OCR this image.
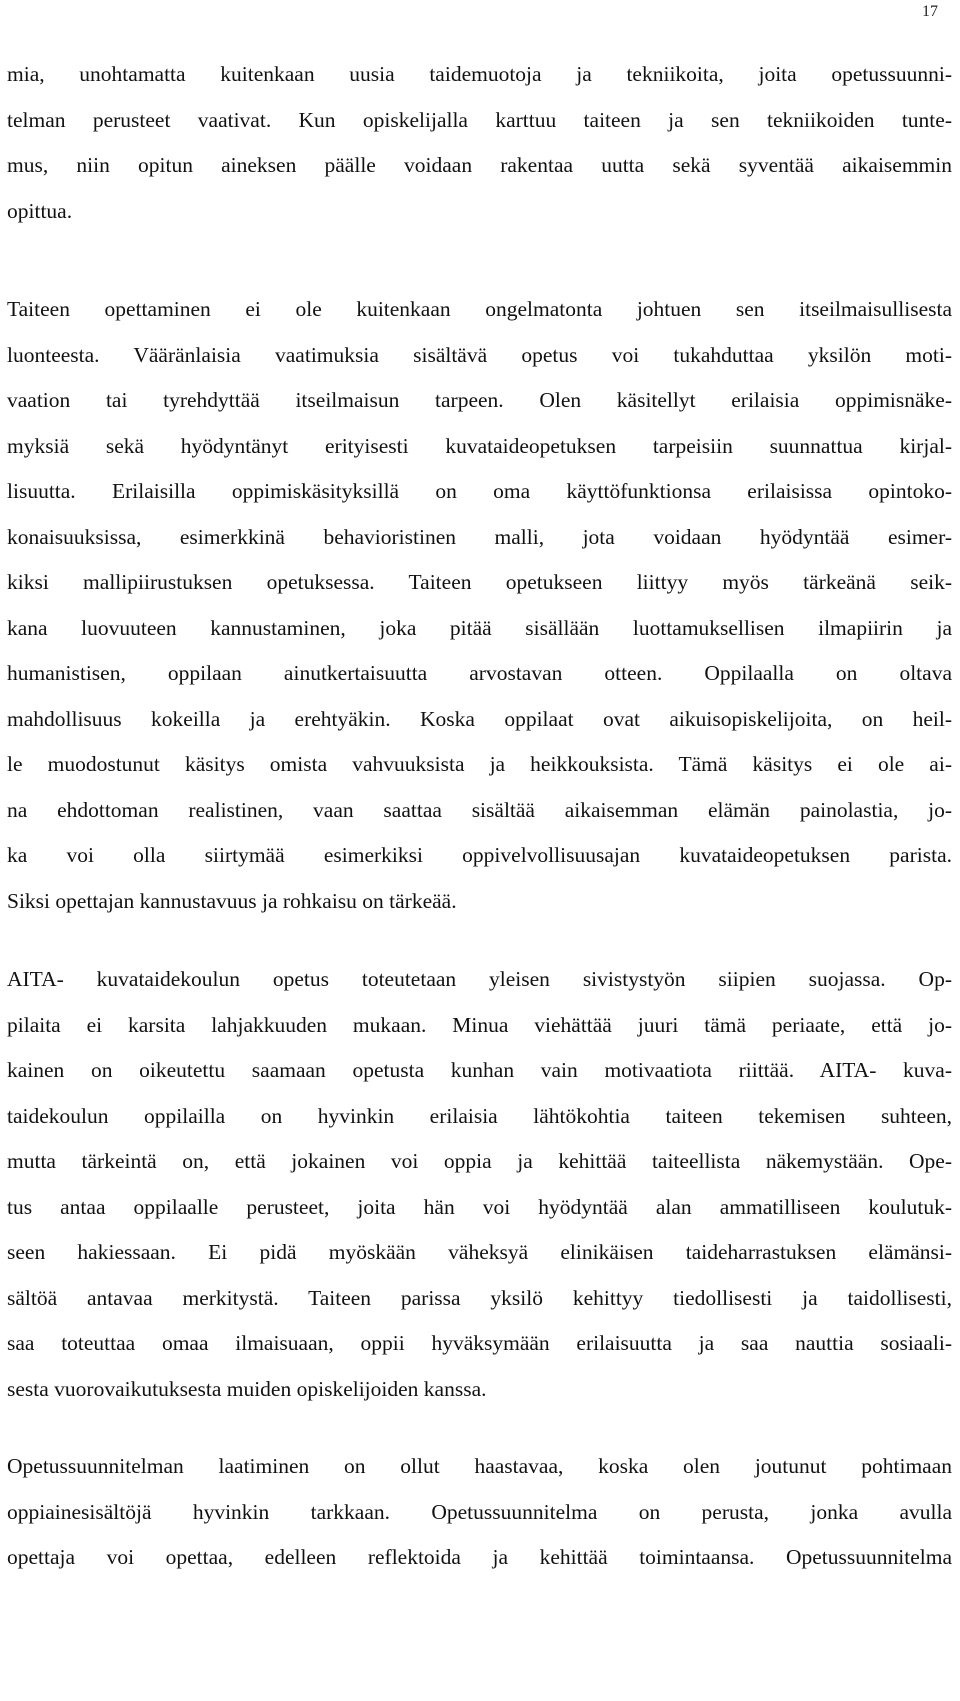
17
mia, unohtamatta kuitenkaan uusia taidemuotoja ja tekniikoita, joita opetussuunni-
telman perusteet vaativat. Kun opiskelijalla karttuu taiteen ja sen tekniikoiden tunte-
mus, niin opitun aineksen päälle voidaan rakentaa uutta sekä syventää aikaisemmin
opittua.
Taiteen opettaminen ei ole kuitenkaan ongelmatonta johtuen sen itseilmaisullisesta
luonteesta. Vääränlaisia vaatimuksia sisältävä opetus voi tukahduttaa yksilön moti-
vaation tai tyrehdyttää itseilmaisun tarpeen. Olen käsitellyt erilaisia oppimisnäke-
myksiä sekä hyödyntänyt erityisesti kuvataideopetuksen tarpeisiin suunnattua kirjal-
lisuutta. Erilaisilla oppimiskäsityksillä on oma käyttöfunktionsa erilaisissa opintoko-
konaisuuksissa, esimerkkinä behavioristinen malli, jota voidaan hyödyntää esimer-
kiksi mallipiirustuksen opetuksessa. Taiteen opetukseen liittyy myös tärkeänä seik-
kana luovuuteen kannustaminen, joka pitää sisällään luottamuksellisen ilmapiirin ja
humanistisen, oppilaan ainutkertaisuutta arvostavan otteen. Oppilaalla on oltava
mahdollisuus kokeilla ja erehtyäkin. Koska oppilaat ovat aikuisopiskelijoita, on heil-
le muodostunut käsitys omista vahvuuksista ja heikkouksista. Tämä käsitys ei ole ai-
na ehdottoman realistinen, vaan saattaa sisältää aikaisemman elämän painolastia, jo-
ka voi olla siirtymää esimerkiksi oppivelvollisuusajan kuvataideopetuksen parista.
Siksi opettajan kannustavuus ja rohkaisu on tärkeää.
AITA- kuvataidekoulun opetus toteutetaan yleisen sivistystyön siipien suojassa. Op-
pilaita ei karsita lahjakkuuden mukaan. Minua viehättää juuri tämä periaate, että jo-
kainen on oikeutettu saamaan opetusta kunhan vain motivaatiota riittää. AITA- kuva-
taidekoulun oppilailla on hyvinkin erilaisia lähtökohtia taiteen tekemisen suhteen,
mutta tärkeintä on, että jokainen voi oppia ja kehittää taiteellista näkemystään. Ope-
tus antaa oppilaalle perusteet, joita hän voi hyödyntää alan ammatilliseen koulutuk-
seen hakiessaan. Ei pidä myöskään väheksyä elinikäisen taideharrastuksen elämänsi-
sältöä antavaa merkitystä. Taiteen parissa yksilö kehittyy tiedollisesti ja taidollisesti,
saa toteuttaa omaa ilmaisuaan, oppii hyväksymään erilaisuutta ja saa nauttia sosiaali-
sesta vuorovaikutuksesta muiden opiskelijoiden kanssa.
Opetussuunnitelman laatiminen on ollut haastavaa, koska olen joutunut pohtimaan
oppiainesisältöjä hyvinkin tarkkaan. Opetussuunnitelma on perusta, jonka avulla
opettaja voi opettaa, edelleen reflektoida ja kehittää toimintaansa. Opetussuunnitelma
